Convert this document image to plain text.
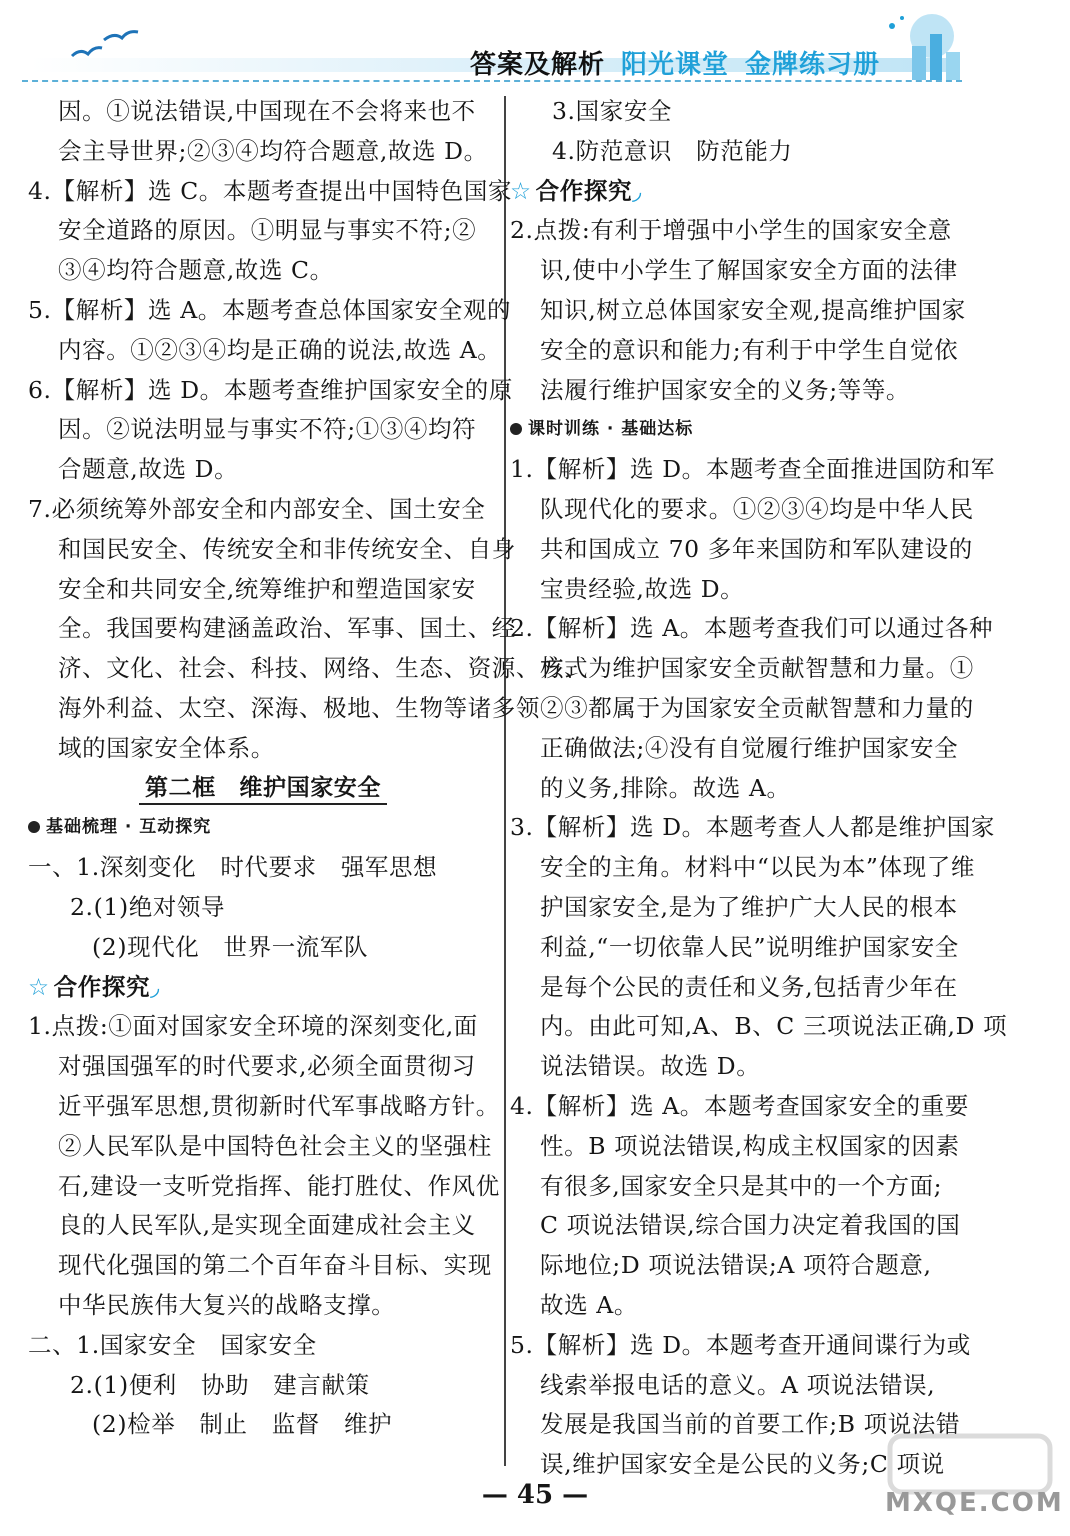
答案及解析 阳光课堂 金牌练习册
因。①说法错误,中国现在不会将来也不
会主导世界;②③④均符合题意,故选 D。
4.【解析】选 C。本题考查提出中国特色国家
安全道路的原因。①明显与事实不符;②
③④均符合题意,故选 C。
5.【解析】选 A。本题考查总体国家安全观的
内容。①②③④均是正确的说法,故选 A。
6.【解析】选 D。本题考查维护国家安全的原
因。②说法明显与事实不符;①③④均符
合题意,故选 D。
7.必须统筹外部安全和内部安全、国土安全
和国民安全、传统安全和非传统安全、自身
安全和共同安全,统筹维护和塑造国家安
全。我国要构建涵盖政治、军事、国土、经
济、文化、社会、科技、网络、生态、资源、核、
海外利益、太空、深海、极地、生物等诸多领
域的国家安全体系。
第二框　维护国家安全
基础梳理 · 互动探究
一、1.深刻变化　时代要求　强军思想
2.(1)绝对领导
(2)现代化　世界一流军队
☆ 合作探究◞
1.点拨:①面对国家安全环境的深刻变化,面
对强国强军的时代要求,必须全面贯彻习
近平强军思想,贯彻新时代军事战略方针。
②人民军队是中国特色社会主义的坚强柱
石,建设一支听党指挥、能打胜仗、作风优
良的人民军队,是实现全面建成社会主义
现代化强国的第二个百年奋斗目标、实现
中华民族伟大复兴的战略支撑。
二、1.国家安全　国家安全
2.(1)便利　协助　建言献策
(2)检举　制止　监督　维护
3.国家安全
4.防范意识　防范能力
☆ 合作探究◞
2.点拨:有利于增强中小学生的国家安全意
识,使中小学生了解国家安全方面的法律
知识,树立总体国家安全观,提高维护国家
安全的意识和能力;有利于中学生自觉依
法履行维护国家安全的义务;等等。
课时训练 · 基础达标
1.【解析】选 D。本题考查全面推进国防和军
队现代化的要求。①②③④均是中华人民
共和国成立 70 多年来国防和军队建设的
宝贵经验,故选 D。
2.【解析】选 A。本题考查我们可以通过各种
方式为维护国家安全贡献智慧和力量。①
②③都属于为国家安全贡献智慧和力量的
正确做法;④没有自觉履行维护国家安全
的义务,排除。故选 A。
3.【解析】选 D。本题考查人人都是维护国家
安全的主角。材料中“以民为本”体现了维
护国家安全,是为了维护广大人民的根本
利益,“一切依靠人民”说明维护国家安全
是每个公民的责任和义务,包括青少年在
内。由此可知,A、B、C 三项说法正确,D 项
说法错误。故选 D。
4.【解析】选 A。本题考查国家安全的重要
性。B 项说法错误,构成主权国家的因素
有很多,国家安全只是其中的一个方面;
C 项说法错误,综合国力决定着我国的国
际地位;D 项说法错误;A 项符合题意,
故选 A。
5.【解析】选 D。本题考查开通间谍行为或
线索举报电话的意义。A 项说法错误,
发展是我国当前的首要工作;B 项说法错
误,维护国家安全是公民的义务;C 项说
— 45 —	MXQE.COM
